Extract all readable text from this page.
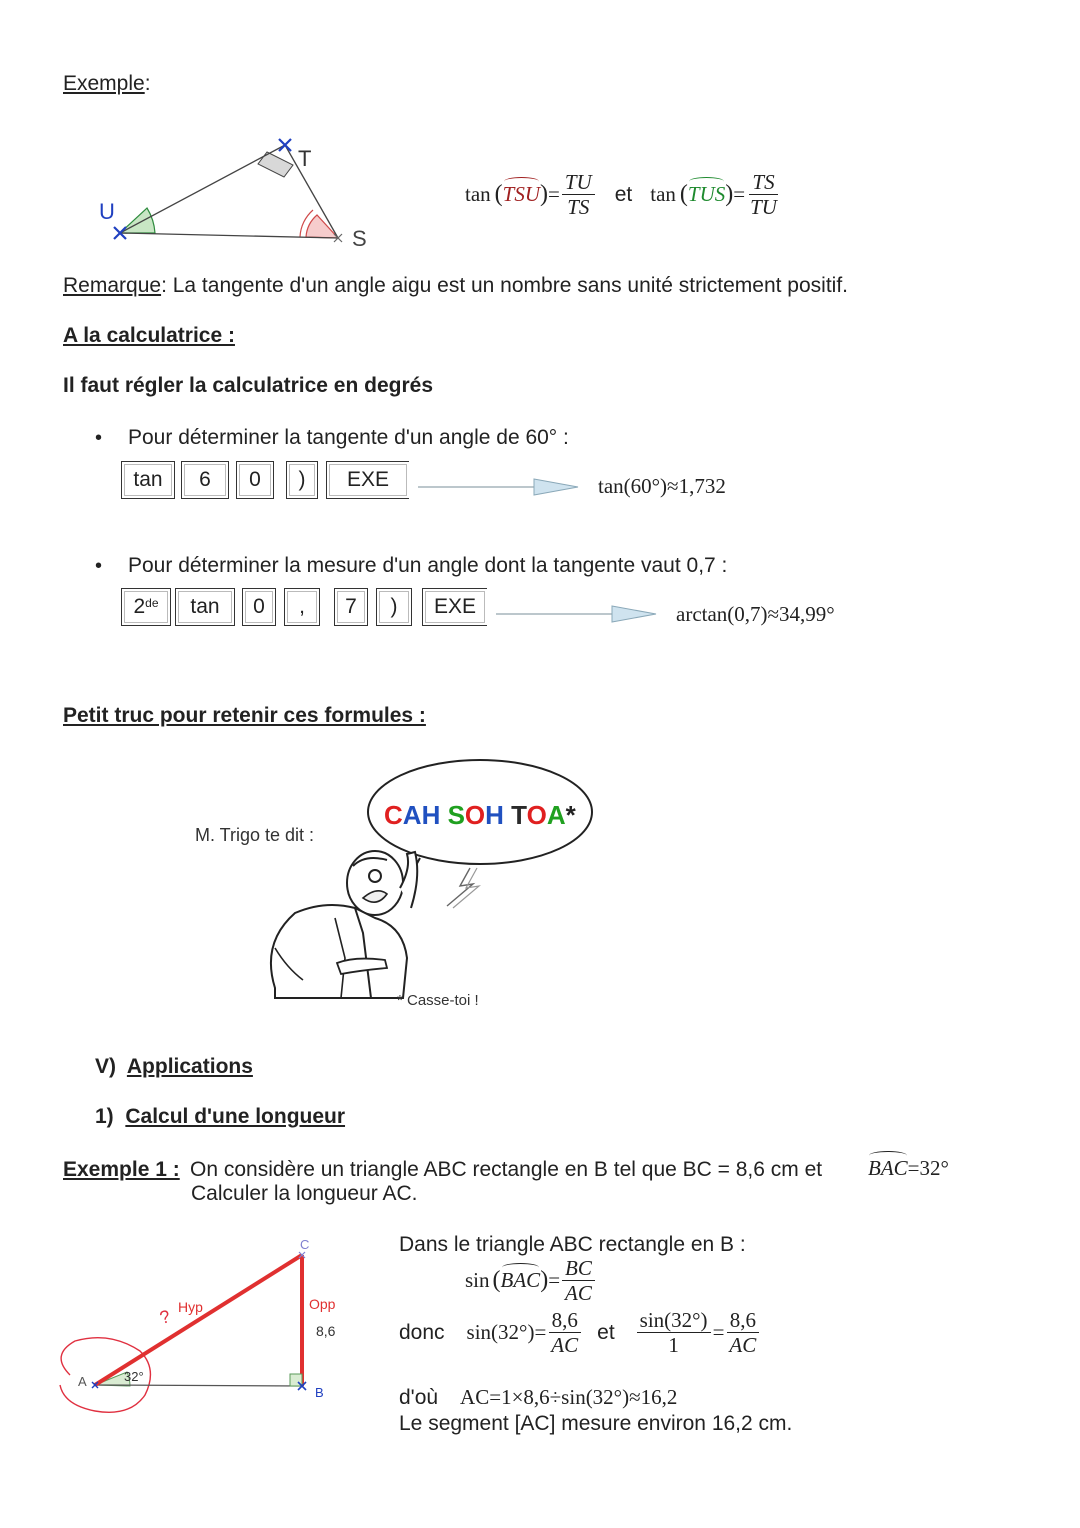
Exemple:
U
T
S
tan ( TSU ) = $\frac{TU}{TS}$ et tan ( TUS ) = $\frac{TS}{TU}$
Remarque: La tangente d'un angle aigu est un nombre sans unité strictement positif.
A la calculatrice :
Il faut régler la calculatrice en degrés
• Pour déterminer la tangente d'un angle de 60° :
tan	6	0	)	EXE	tan(60°)≈1,732
• Pour déterminer la mesure d'un angle dont la tangente vaut 0,7 :
2de	tan	0	,	7	)	EXE	arctan(0,7)≈34,99°
Petit truc pour retenir ces formules :
M. Trigo te dit :
CAH SOH TOA*
* Casse-toi !
V) Applications
1) Calcul d'une longueur
Exemple 1 : On considère un triangle ABC rectangle en B tel que BC = 8,6 cm et BAC=32°
Calculer la longueur AC.
C
A
B
Hyp
?
Opp
8,6
32°
Dans le triangle ABC rectangle en B :
sin ( BAC ) = $\frac{BC}{AC}$
donc $\sin(32^\circ) = \frac{8,6}{AC}$ et $\frac{\sin(32^\circ)}{1} = \frac{8,6}{AC}$
d'où AC=1×8,6÷sin(32°)≈16,2
Le segment [AC] mesure environ 16,2 cm.
